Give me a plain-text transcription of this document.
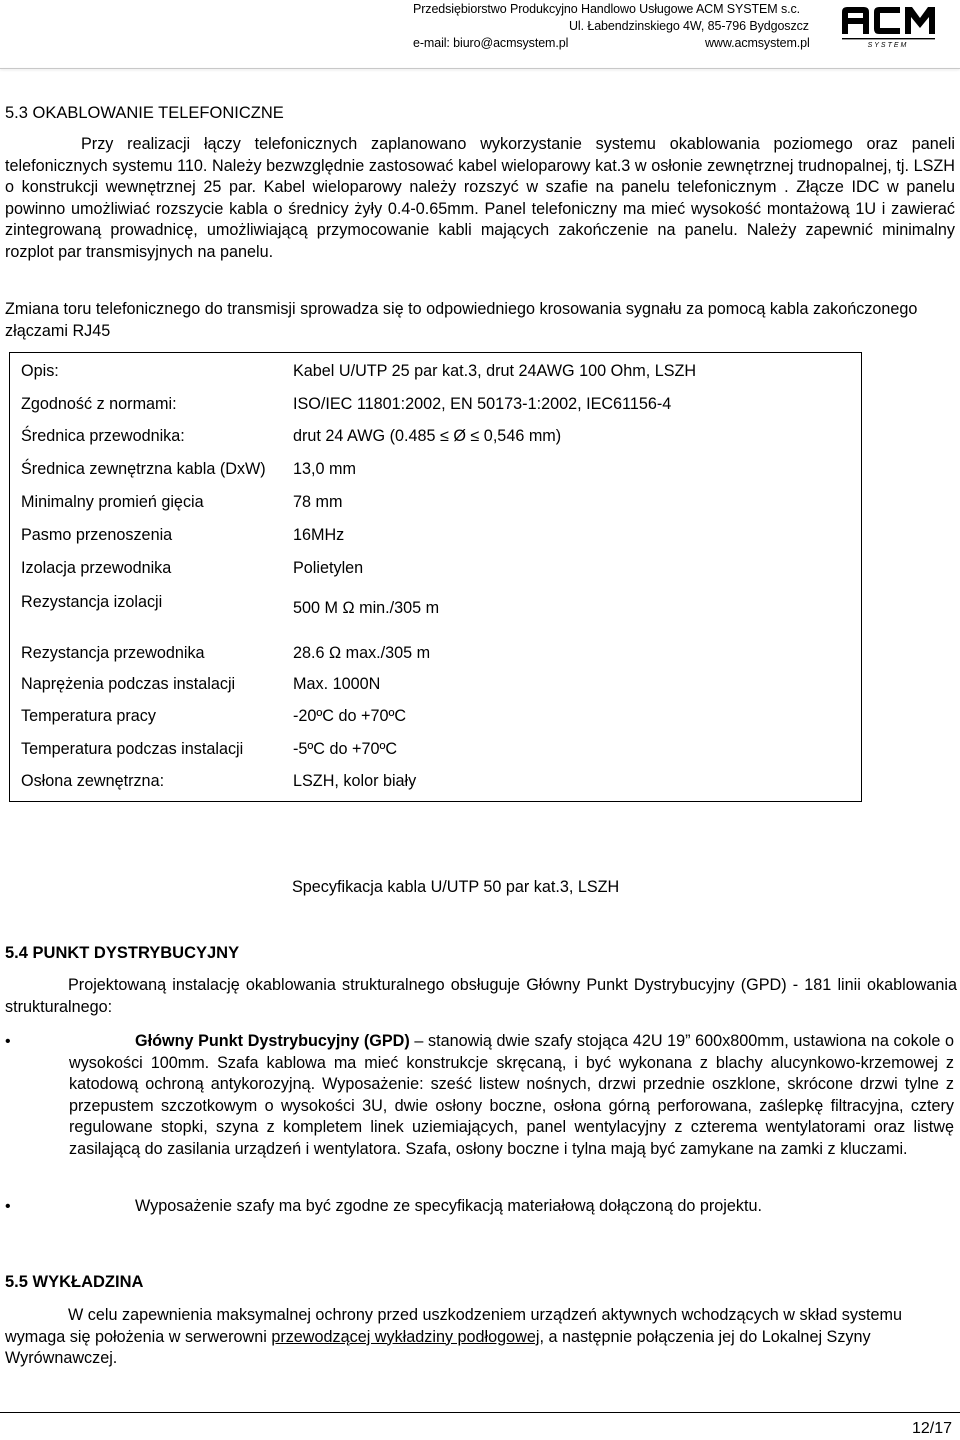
Przedsiębiorstwo Produkcyjno Handlowo Usługowe ACM SYSTEM s.c.
Ul. Łabendzinskiego 4W, 85-796 Bydgoszcz
e-mail: biuro@acmsystem.pl	www.acmsystem.pl	SYSTEM
5.3 OKABLOWANIE TELEFONICZNE

Przy realizacji łączy telefonicznych zaplanowano wykorzystanie systemu okablowania poziomego oraz paneli telefonicznych systemu 110. Należy bezwzględnie zastosować kabel wieloparowy kat.3 w osłonie zewnętrznej trudnopalnej, tj. LSZH o konstrukcji wewnętrznej 25 par. Kabel wieloparowy należy rozszyć w szafie na panelu telefonicznym . Złącze IDC w panelu powinno umożliwiać rozszycie kabla o średnicy żyły 0.4-0.65mm. Panel telefoniczny ma mieć wysokość montażową 1U i zawierać zintegrowaną prowadnicę, umożliwiającą przymocowanie kabli mających zakończenie na panelu. Należy zapewnić minimalny rozplot par transmisyjnych na panelu.

Zmiana toru telefonicznego do transmisji sprowadza się to odpowiedniego krosowania sygnału za pomocą kabla zakończonego złączami RJ45

Opis:	Kabel U/UTP 25 par kat.3, drut 24AWG 100 Ohm, LSZH
Zgodność z normami:	ISO/IEC 11801:2002, EN 50173-1:2002, IEC61156-4
Średnica przewodnika:	drut 24 AWG (0.485 ≤ Ø ≤ 0,546 mm)
Średnica zewnętrzna kabla (DxW)	13,0 mm
Minimalny promień gięcia	78 mm
Pasmo przenoszenia	16MHz
Izolacja przewodnika	Polietylen
Rezystancja izolacji	500 M Ω min./305 m
Rezystancja przewodnika	28.6 Ω max./305 m
Naprężenia podczas instalacji	Max. 1000N
Temperatura pracy	-20ºC do +70ºC
Temperatura podczas instalacji	-5ºC do +70ºC
Osłona zewnętrzna:	LSZH, kolor biały
Specyfikacja kabla U/UTP 50 par kat.3, LSZH
5.4 PUNKT DYSTRYBUCYJNY

Projektowaną instalację okablowania strukturalnego obsługuje Główny Punkt Dystrybucyjny (GPD) - 181 linii okablowania strukturalnego:

•	Główny Punkt Dystrybucyjny (GPD) – stanowią dwie szafy stojąca 42U 19” 600x800mm, ustawiona na cokole o wysokości 100mm. Szafa kablowa ma mieć konstrukcje skręcaną, i być wykonana z blachy alucynkowo-krzemowej z katodową ochroną antykorozyjną. Wyposażenie: sześć listew nośnych, drzwi przednie oszklone, skrócone drzwi tylne z przepustem szczotkowym o wysokości 3U, dwie osłony boczne, osłona górną perforowana, zaślepkę filtracyjna, cztery regulowane stopki, szyna z kompletem linek uziemiających, panel wentylacyjny z czterema wentylatorami oraz listwę zasilającą do zasilania urządzeń i wentylatora. Szafa, osłony boczne i tylna mają być zamykane na zamki z kluczami.

•	Wyposażenie szafy ma być zgodne ze specyfikacją materiałową dołączoną do projektu.

5.5 WYKŁADZINA

W celu zapewnienia maksymalnej ochrony przed uszkodzeniem urządzeń aktywnych wchodzących w skład systemu wymaga się położenia w serwerowni przewodzącej wykładziny podłogowej, a następnie połączenia jej do Lokalnej Szyny Wyrównawczej.

12/17
